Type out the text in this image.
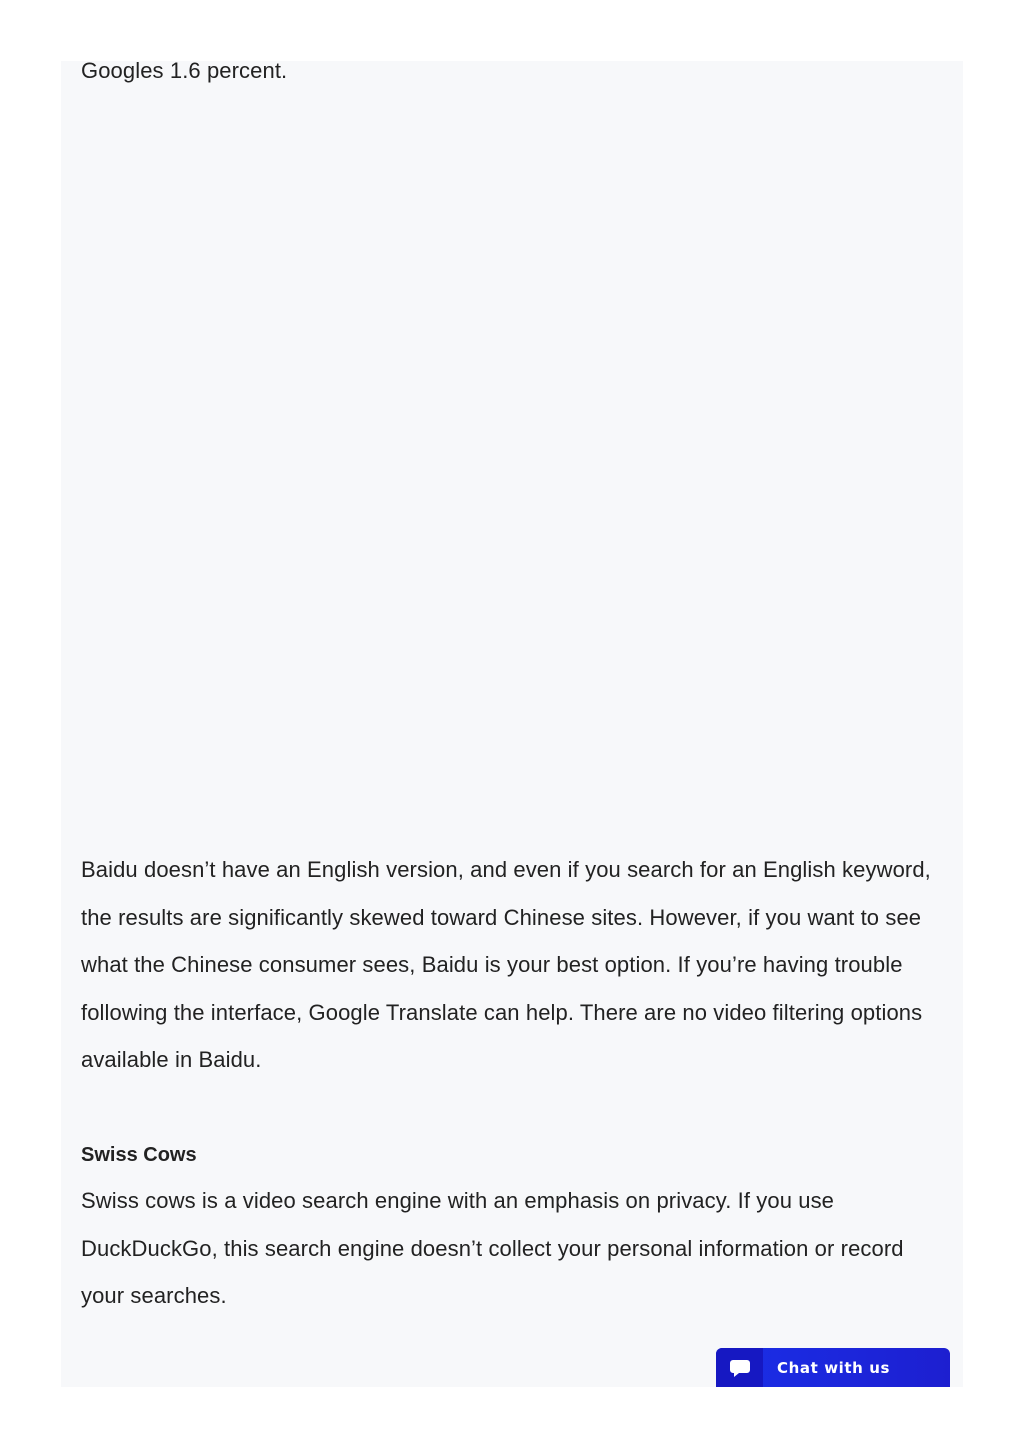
Googles 1.6 percent.

Baidu doesn’t have an English version, and even if you search for an English keyword, the results are significantly skewed toward Chinese sites. However, if you want to see what the Chinese consumer sees, Baidu is your best option. If you’re having trouble following the interface, Google Translate can help. There are no video filtering options available in Baidu.

Swiss Cows

Swiss cows is a video search engine with an emphasis on privacy. If you use DuckDuckGo, this search engine doesn’t collect your personal information or record your searches.

Chat with us
